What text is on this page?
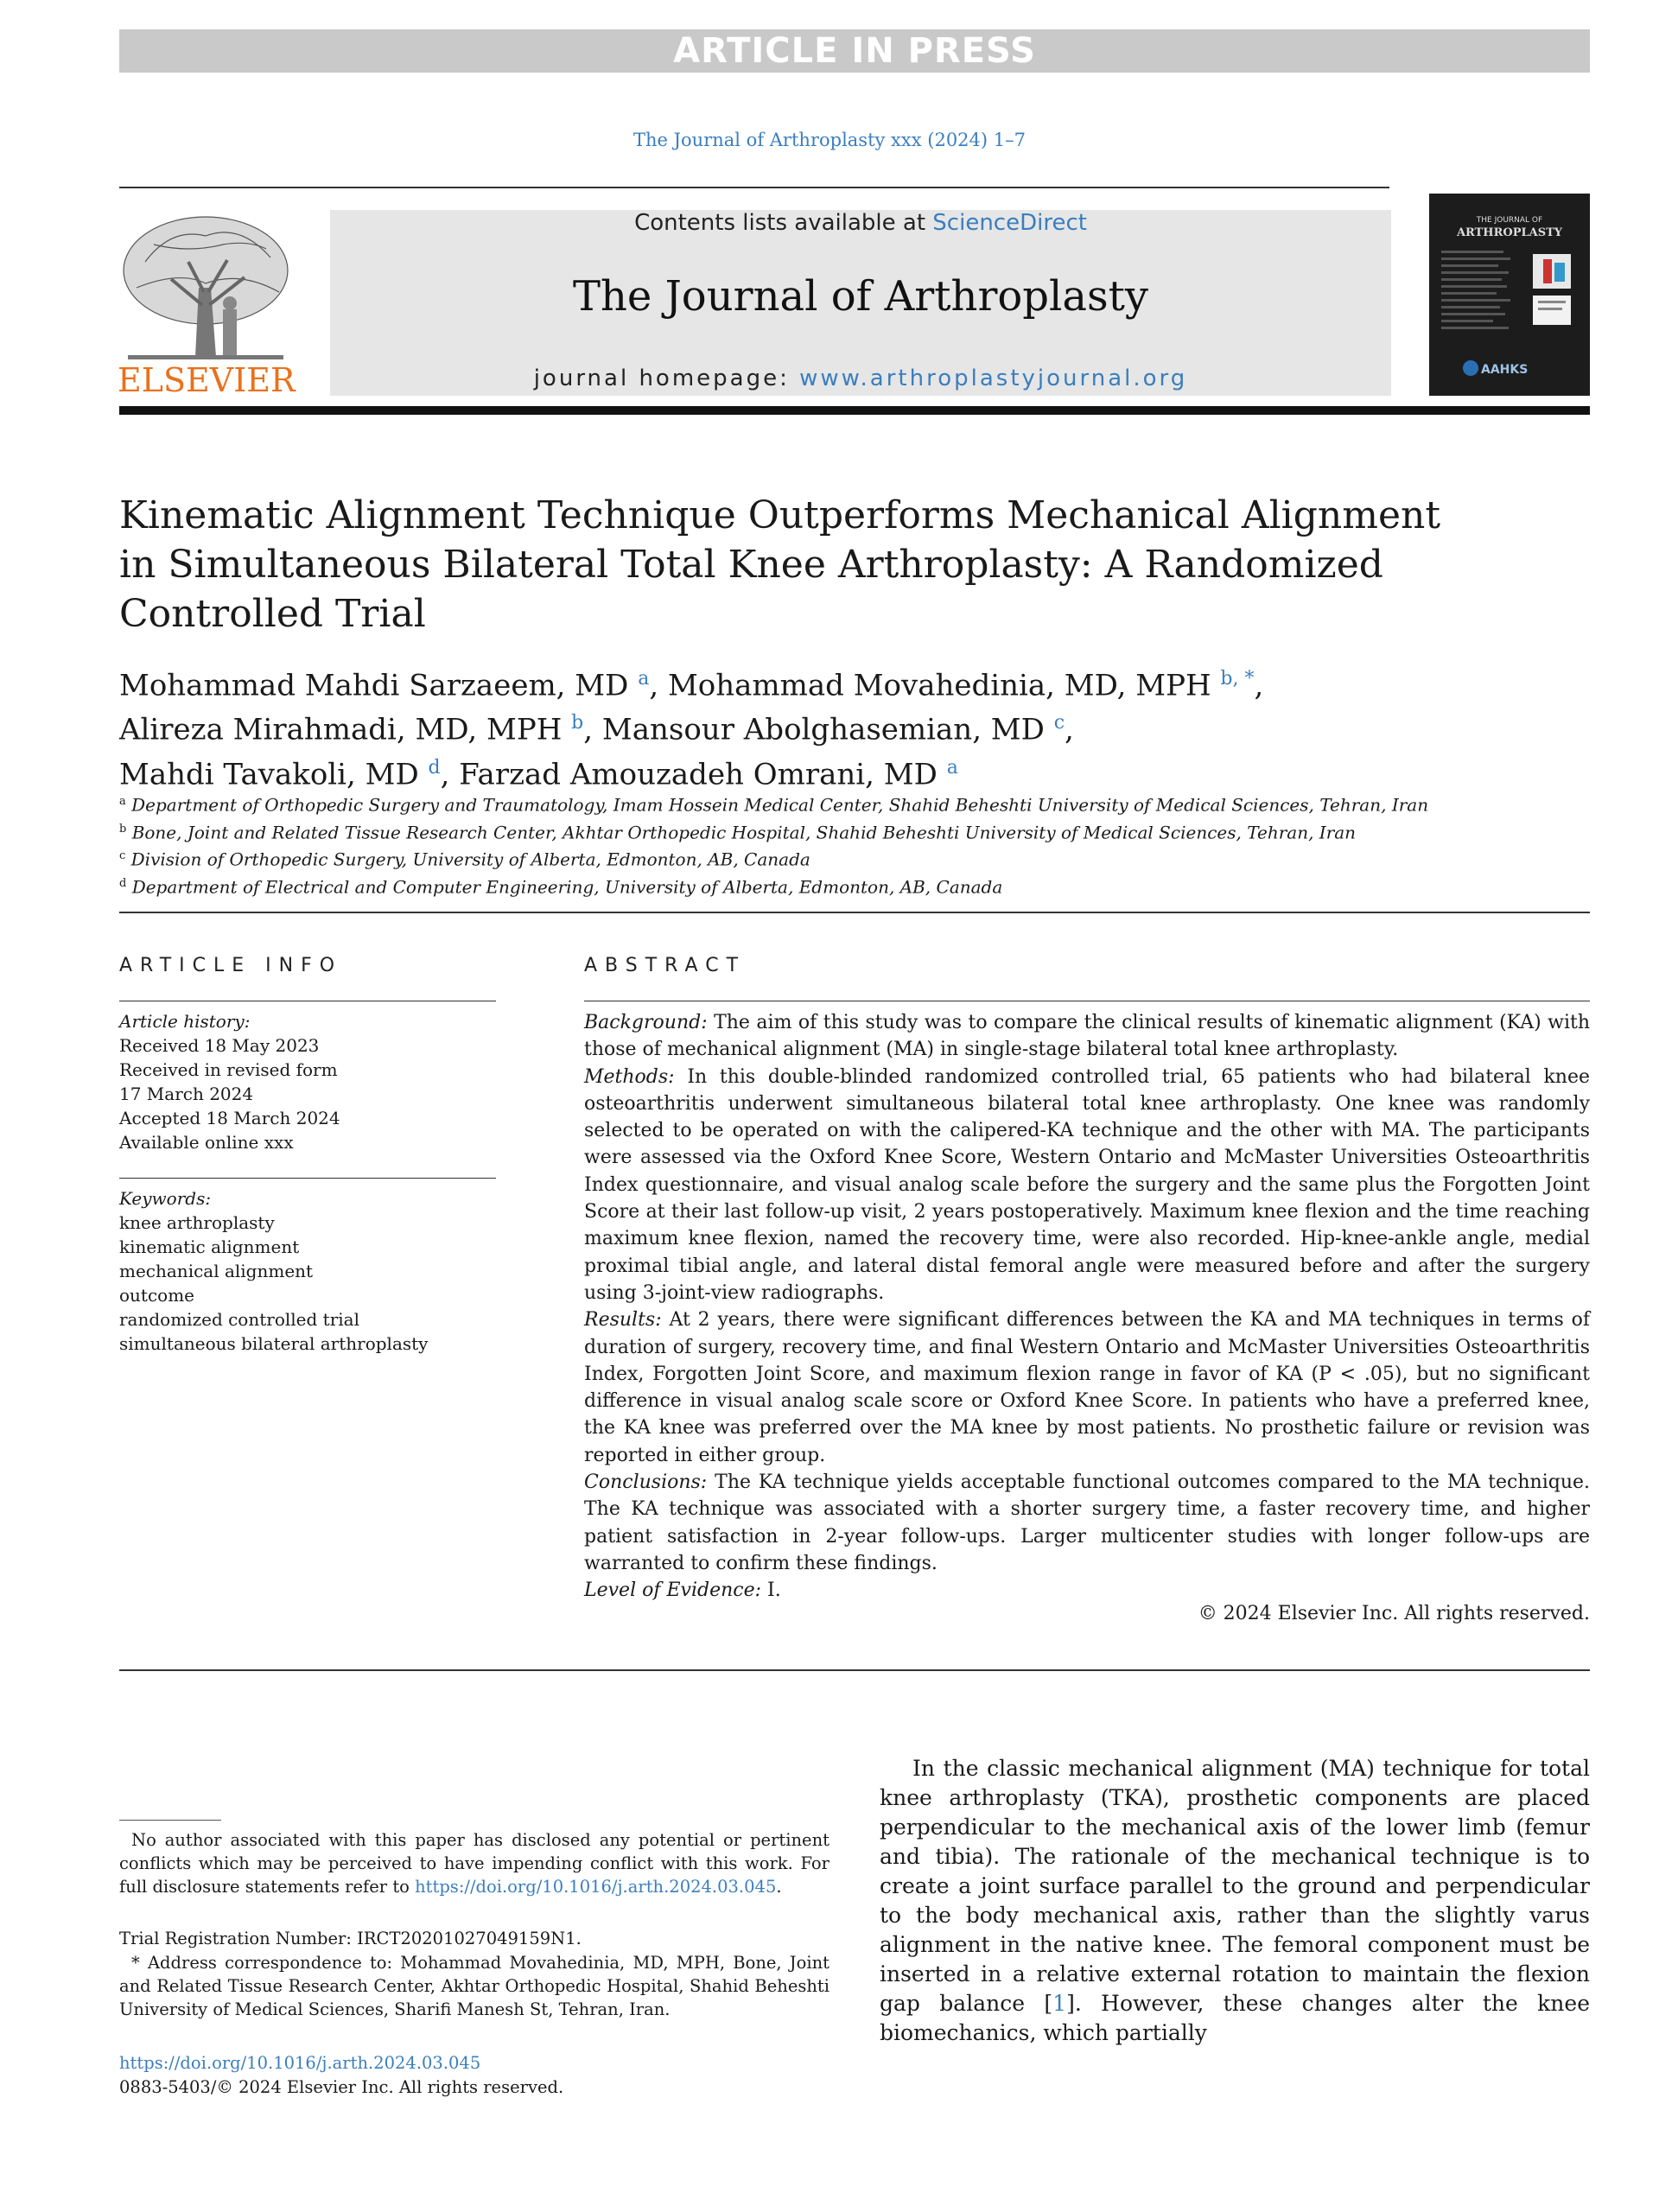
ARTICLE IN PRESS
The Journal of Arthroplasty xxx (2024) 1–7
ELSEVIER
Contents lists available at ScienceDirect
The Journal of Arthroplasty
journal homepage: www.arthroplastyjournal.org
THE JOURNAL OF
ARTHROPLASTY
AAHKS
Kinematic Alignment Technique Outperforms Mechanical Alignment in Simultaneous Bilateral Total Knee Arthroplasty: A Randomized Controlled Trial
Mohammad Mahdi Sarzaeem, MD $^a$, Mohammad Movahedinia, MD, MPH $^{b, *}$,
Alireza Mirahmadi, MD, MPH $^b$, Mansour Abolghasemian, MD $^c$,
Mahdi Tavakoli, MD $^d$, Farzad Amouzadeh Omrani, MD $^a$
$^a$ Department of Orthopedic Surgery and Traumatology, Imam Hossein Medical Center, Shahid Beheshti University of Medical Sciences, Tehran, Iran
$^b$ Bone, Joint and Related Tissue Research Center, Akhtar Orthopedic Hospital, Shahid Beheshti University of Medical Sciences, Tehran, Iran
$^c$ Division of Orthopedic Surgery, University of Alberta, Edmonton, AB, Canada
$^d$ Department of Electrical and Computer Engineering, University of Alberta, Edmonton, AB, Canada
ARTICLE INFO	ABSTRACT
Article history:
Received 18 May 2023
Received in revised form
17 March 2024
Accepted 18 March 2024
Available online xxx
Keywords:
knee arthroplasty
kinematic alignment
mechanical alignment
outcome
randomized controlled trial
simultaneous bilateral arthroplasty

Background: The aim of this study was to compare the clinical results of kinematic alignment (KA) with those of mechanical alignment (MA) in single-stage bilateral total knee arthroplasty.

Methods: In this double-blinded randomized controlled trial, 65 patients who had bilateral knee osteoarthritis underwent simultaneous bilateral total knee arthroplasty. One knee was randomly selected to be operated on with the calipered-KA technique and the other with MA. The participants were assessed via the Oxford Knee Score, Western Ontario and McMaster Universities Osteoarthritis Index questionnaire, and visual analog scale before the surgery and the same plus the Forgotten Joint Score at their last follow-up visit, 2 years postoperatively. Maximum knee flexion and the time reaching maximum knee flexion, named the recovery time, were also recorded. Hip-knee-ankle angle, medial proximal tibial angle, and lateral distal femoral angle were measured before and after the surgery using 3-joint-view radiographs.

Results: At 2 years, there were significant differences between the KA and MA techniques in terms of duration of surgery, recovery time, and final Western Ontario and McMaster Universities Osteoarthritis Index, Forgotten Joint Score, and maximum flexion range in favor of KA (P < .05), but no significant difference in visual analog scale score or Oxford Knee Score. In patients who have a preferred knee, the KA knee was preferred over the MA knee by most patients. No prosthetic failure or revision was reported in either group.

Conclusions: The KA technique yields acceptable functional outcomes compared to the MA technique. The KA technique was associated with a shorter surgery time, a faster recovery time, and higher patient satisfaction in 2-year follow-ups. Larger multicenter studies with longer follow-ups are warranted to confirm these findings.

Level of Evidence: I.

© 2024 Elsevier Inc. All rights reserved.
No author associated with this paper has disclosed any potential or pertinent conflicts which may be perceived to have impending conflict with this work. For full disclosure statements refer to https://doi.org/10.1016/j.arth.2024.03.045.
Trial Registration Number: IRCT20201027049159N1.
* Address correspondence to: Mohammad Movahedinia, MD, MPH, Bone, Joint and Related Tissue Research Center, Akhtar Orthopedic Hospital, Shahid Beheshti University of Medical Sciences, Sharifi Manesh St, Tehran, Iran.
https://doi.org/10.1016/j.arth.2024.03.045
0883-5403/© 2024 Elsevier Inc. All rights reserved.
In the classic mechanical alignment (MA) technique for total knee arthroplasty (TKA), prosthetic components are placed perpendicular to the mechanical axis of the lower limb (femur and tibia). The rationale of the mechanical technique is to create a joint surface parallel to the ground and perpendicular to the body mechanical axis, rather than the slightly varus alignment in the native knee. The femoral component must be inserted in a relative external rotation to maintain the flexion gap balance [1]. However, these changes alter the knee biomechanics, which partially
